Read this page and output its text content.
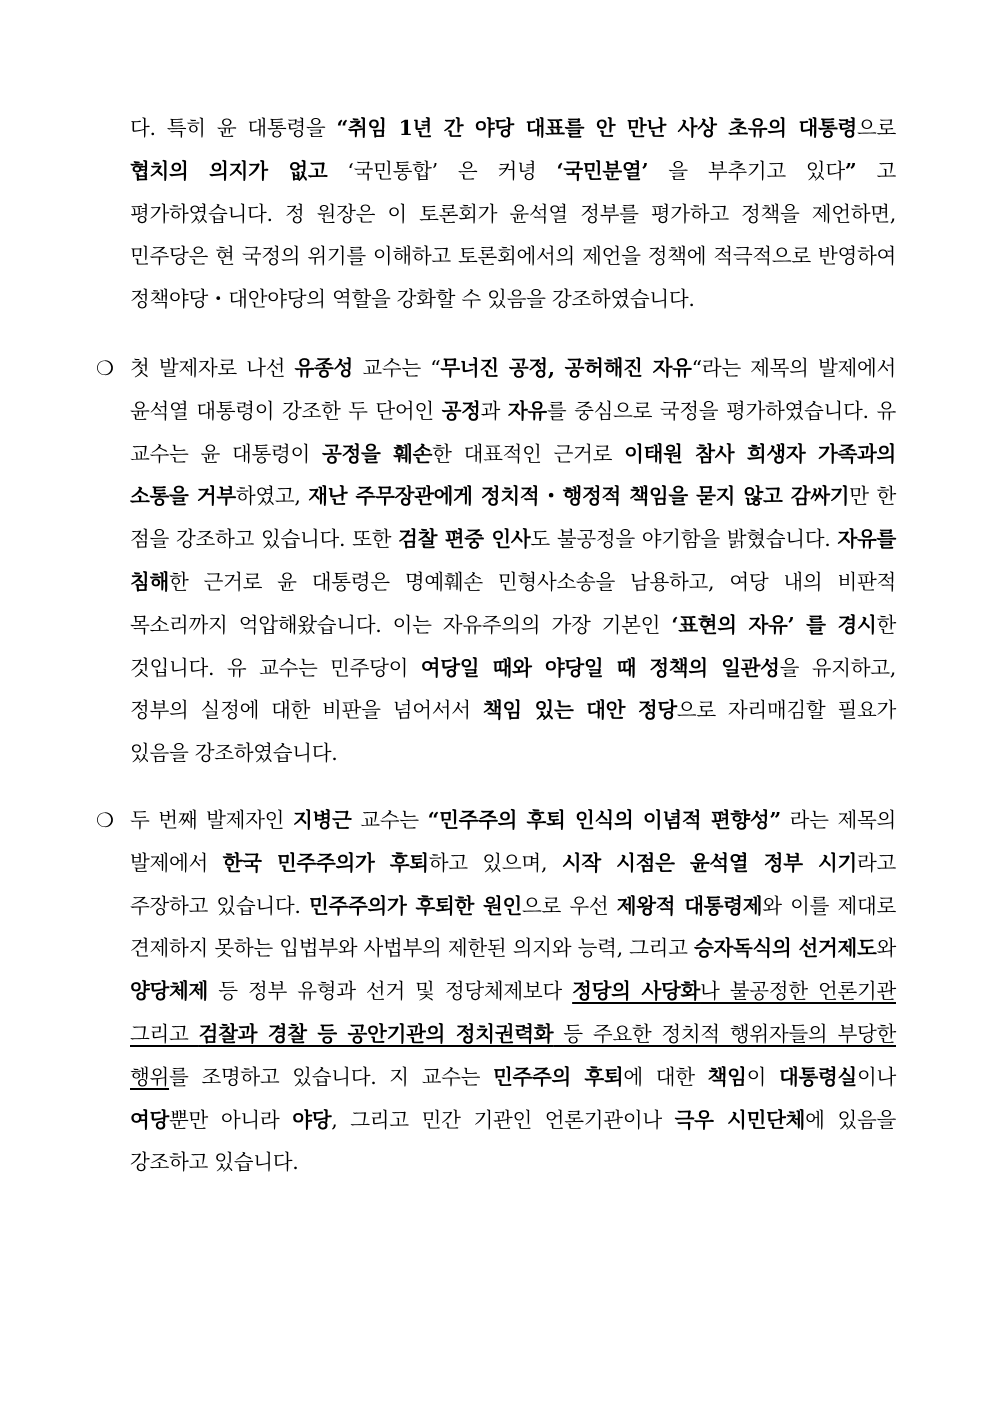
다. 특히 윤 대통령을 “취임 1년 간 야당 대표를 안 만난 사상 초유의 대통령으로 협치의 의지가 없고 ‘국민통합’ 은 커녕 ‘국민분열’ 을 부추기고 있다” 고 평가하였습니다. 정 원장은 이 토론회가 윤석열 정부를 평가하고 정책을 제언하면, 민주당은 현 국정의 위기를 이해하고 토론회에서의 제언을 정책에 적극적으로 반영하여 정책야당・대안야당의 역할을 강화할 수 있음을 강조하였습니다.
❍ 첫 발제자로 나선 유종성 교수는 “무너진 공정, 공허해진 자유“라는 제목의 발제에서 윤석열 대통령이 강조한 두 단어인 공정과 자유를 중심으로 국정을 평가하였습니다. 유 교수는 윤 대통령이 공정을 훼손한 대표적인 근거로 이태원 참사 희생자 가족과의 소통을 거부하였고, 재난 주무장관에게 정치적・행정적 책임을 묻지 않고 감싸기만 한 점을 강조하고 있습니다. 또한 검찰 편중 인사도 불공정을 야기함을 밝혔습니다. 자유를 침해한 근거로 윤 대통령은 명예훼손 민형사소송을 남용하고, 여당 내의 비판적 목소리까지 억압해왔습니다. 이는 자유주의의 가장 기본인 ‘표현의 자유’ 를 경시한 것입니다. 유 교수는 민주당이 여당일 때와 야당일 때 정책의 일관성을 유지하고, 정부의 실정에 대한 비판을 넘어서서 책임 있는 대안 정당으로 자리매김할 필요가 있음을 강조하였습니다.
❍ 두 번째 발제자인 지병근 교수는 “민주주의 후퇴 인식의 이념적 편향성” 라는 제목의 발제에서 한국 민주주의가 후퇴하고 있으며, 시작 시점은 윤석열 정부 시기라고 주장하고 있습니다. 민주주의가 후퇴한 원인으로 우선 제왕적 대통령제와 이를 제대로 견제하지 못하는 입법부와 사법부의 제한된 의지와 능력, 그리고 승자독식의 선거제도와 양당체제 등 정부 유형과 선거 및 정당체제보다 정당의 사당화나 불공정한 언론기관 그리고 검찰과 경찰 등 공안기관의 정치권력화 등 주요한 정치적 행위자들의 부당한 행위를 조명하고 있습니다. 지 교수는 민주주의 후퇴에 대한 책임이 대통령실이나 여당뿐만 아니라 야당, 그리고 민간 기관인 언론기관이나 극우 시민단체에 있음을 강조하고 있습니다.
